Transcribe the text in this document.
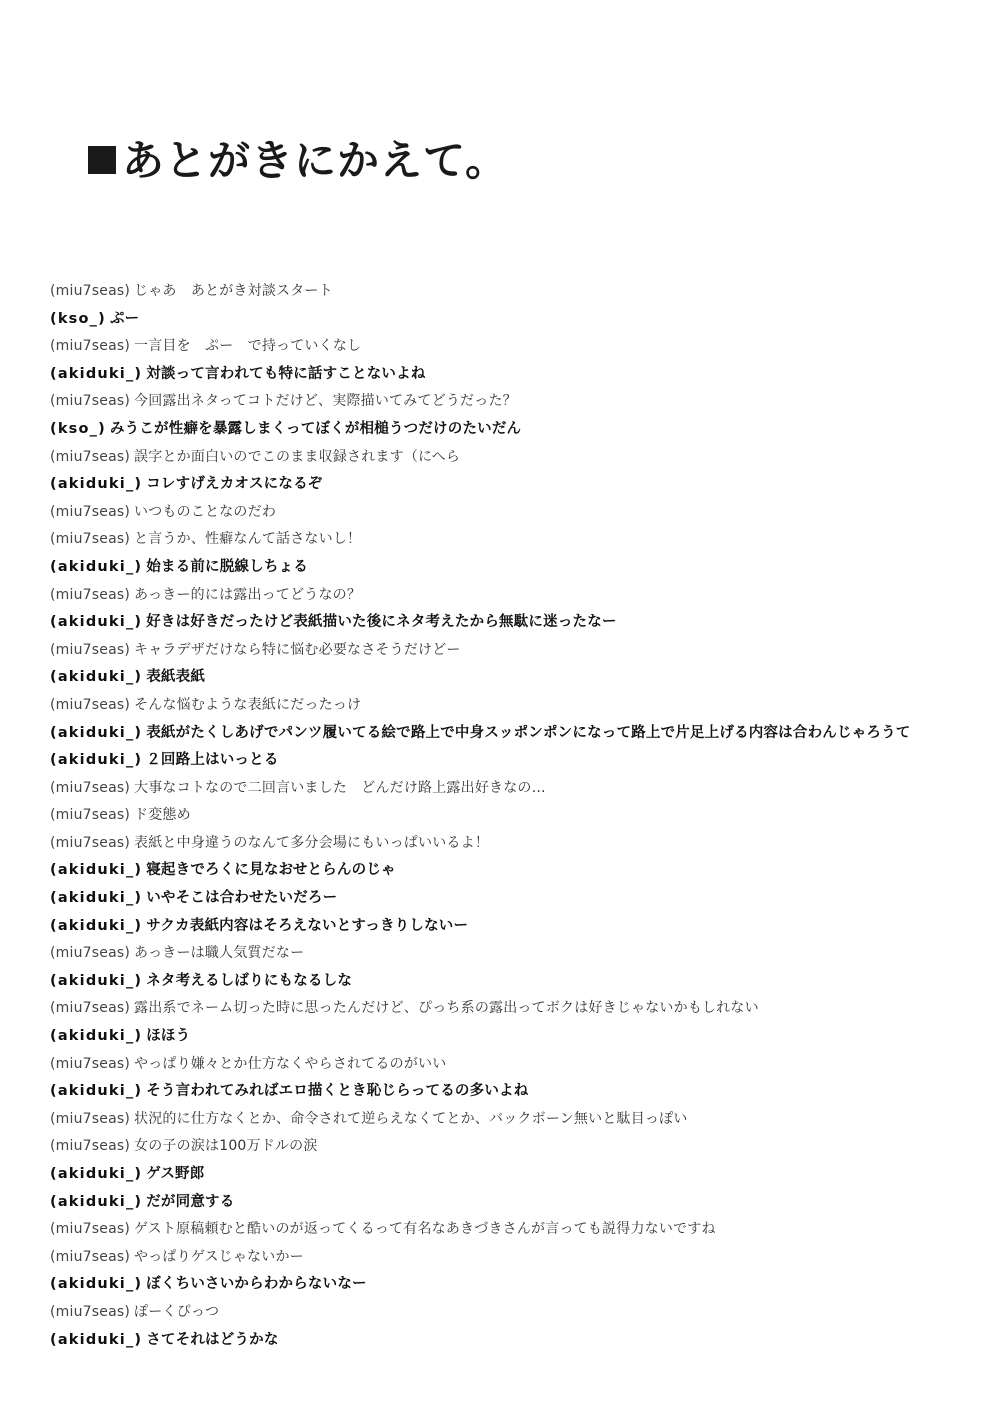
あとがきにかえて。
(miu7seas) じゃあ　あとがき対談スタート
(kso_) ぷー
(miu7seas) 一言目を　ぷー　で持っていくなし
(akiduki_) 対談って言われても特に話すことないよね
(miu7seas) 今回露出ネタってコトだけど、実際描いてみてどうだった？
(kso_) みうこが性癖を暴露しまくってぼくが相槌うつだけのたいだん
(miu7seas) 誤字とか面白いのでこのまま収録されます（にへら
(akiduki_) コレすげえカオスになるぞ
(miu7seas) いつものことなのだわ
(miu7seas) と言うか、性癖なんて話さないし！
(akiduki_) 始まる前に脱線しちょる
(miu7seas) あっきー的には露出ってどうなの？
(akiduki_) 好きは好きだったけど表紙描いた後にネタ考えたから無駄に迷ったなー
(miu7seas) キャラデザだけなら特に悩む必要なさそうだけどー
(akiduki_) 表紙表紙
(miu7seas) そんな悩むような表紙にだったっけ
(akiduki_) 表紙がたくしあげでパンツ履いてる絵で路上で中身スッポンポンになって路上で片足上げる内容は合わんじゃろうて
(akiduki_) ２回路上はいっとる
(miu7seas) 大事なコトなので二回言いました　どんだけ路上露出好きなの…
(miu7seas) ド変態め
(miu7seas) 表紙と中身違うのなんて多分会場にもいっぱいいるよ！
(akiduki_) 寝起きでろくに見なおせとらんのじゃ
(akiduki_) いやそこは合わせたいだろー
(akiduki_) サクカ表紙内容はそろえないとすっきりしないー
(miu7seas) あっきーは職人気質だなー
(akiduki_) ネタ考えるしばりにもなるしな
(miu7seas) 露出系でネーム切った時に思ったんだけど、ぴっち系の露出ってボクは好きじゃないかもしれない
(akiduki_) ほほう
(miu7seas) やっぱり嫌々とか仕方なくやらされてるのがいい
(akiduki_) そう言われてみればエロ描くとき恥じらってるの多いよね
(miu7seas) 状況的に仕方なくとか、命令されて逆らえなくてとか、バックボーン無いと駄目っぽい
(miu7seas) 女の子の涙は100万ドルの涙
(akiduki_) ゲス野郎
(akiduki_) だが同意する
(miu7seas) ゲスト原稿頼むと酷いのが返ってくるって有名なあきづきさんが言っても説得力ないですね
(miu7seas) やっぱりゲスじゃないかー
(akiduki_) ぼくちいさいからわからないなー
(miu7seas) ぽーくぴっつ
(akiduki_) さてそれはどうかな
